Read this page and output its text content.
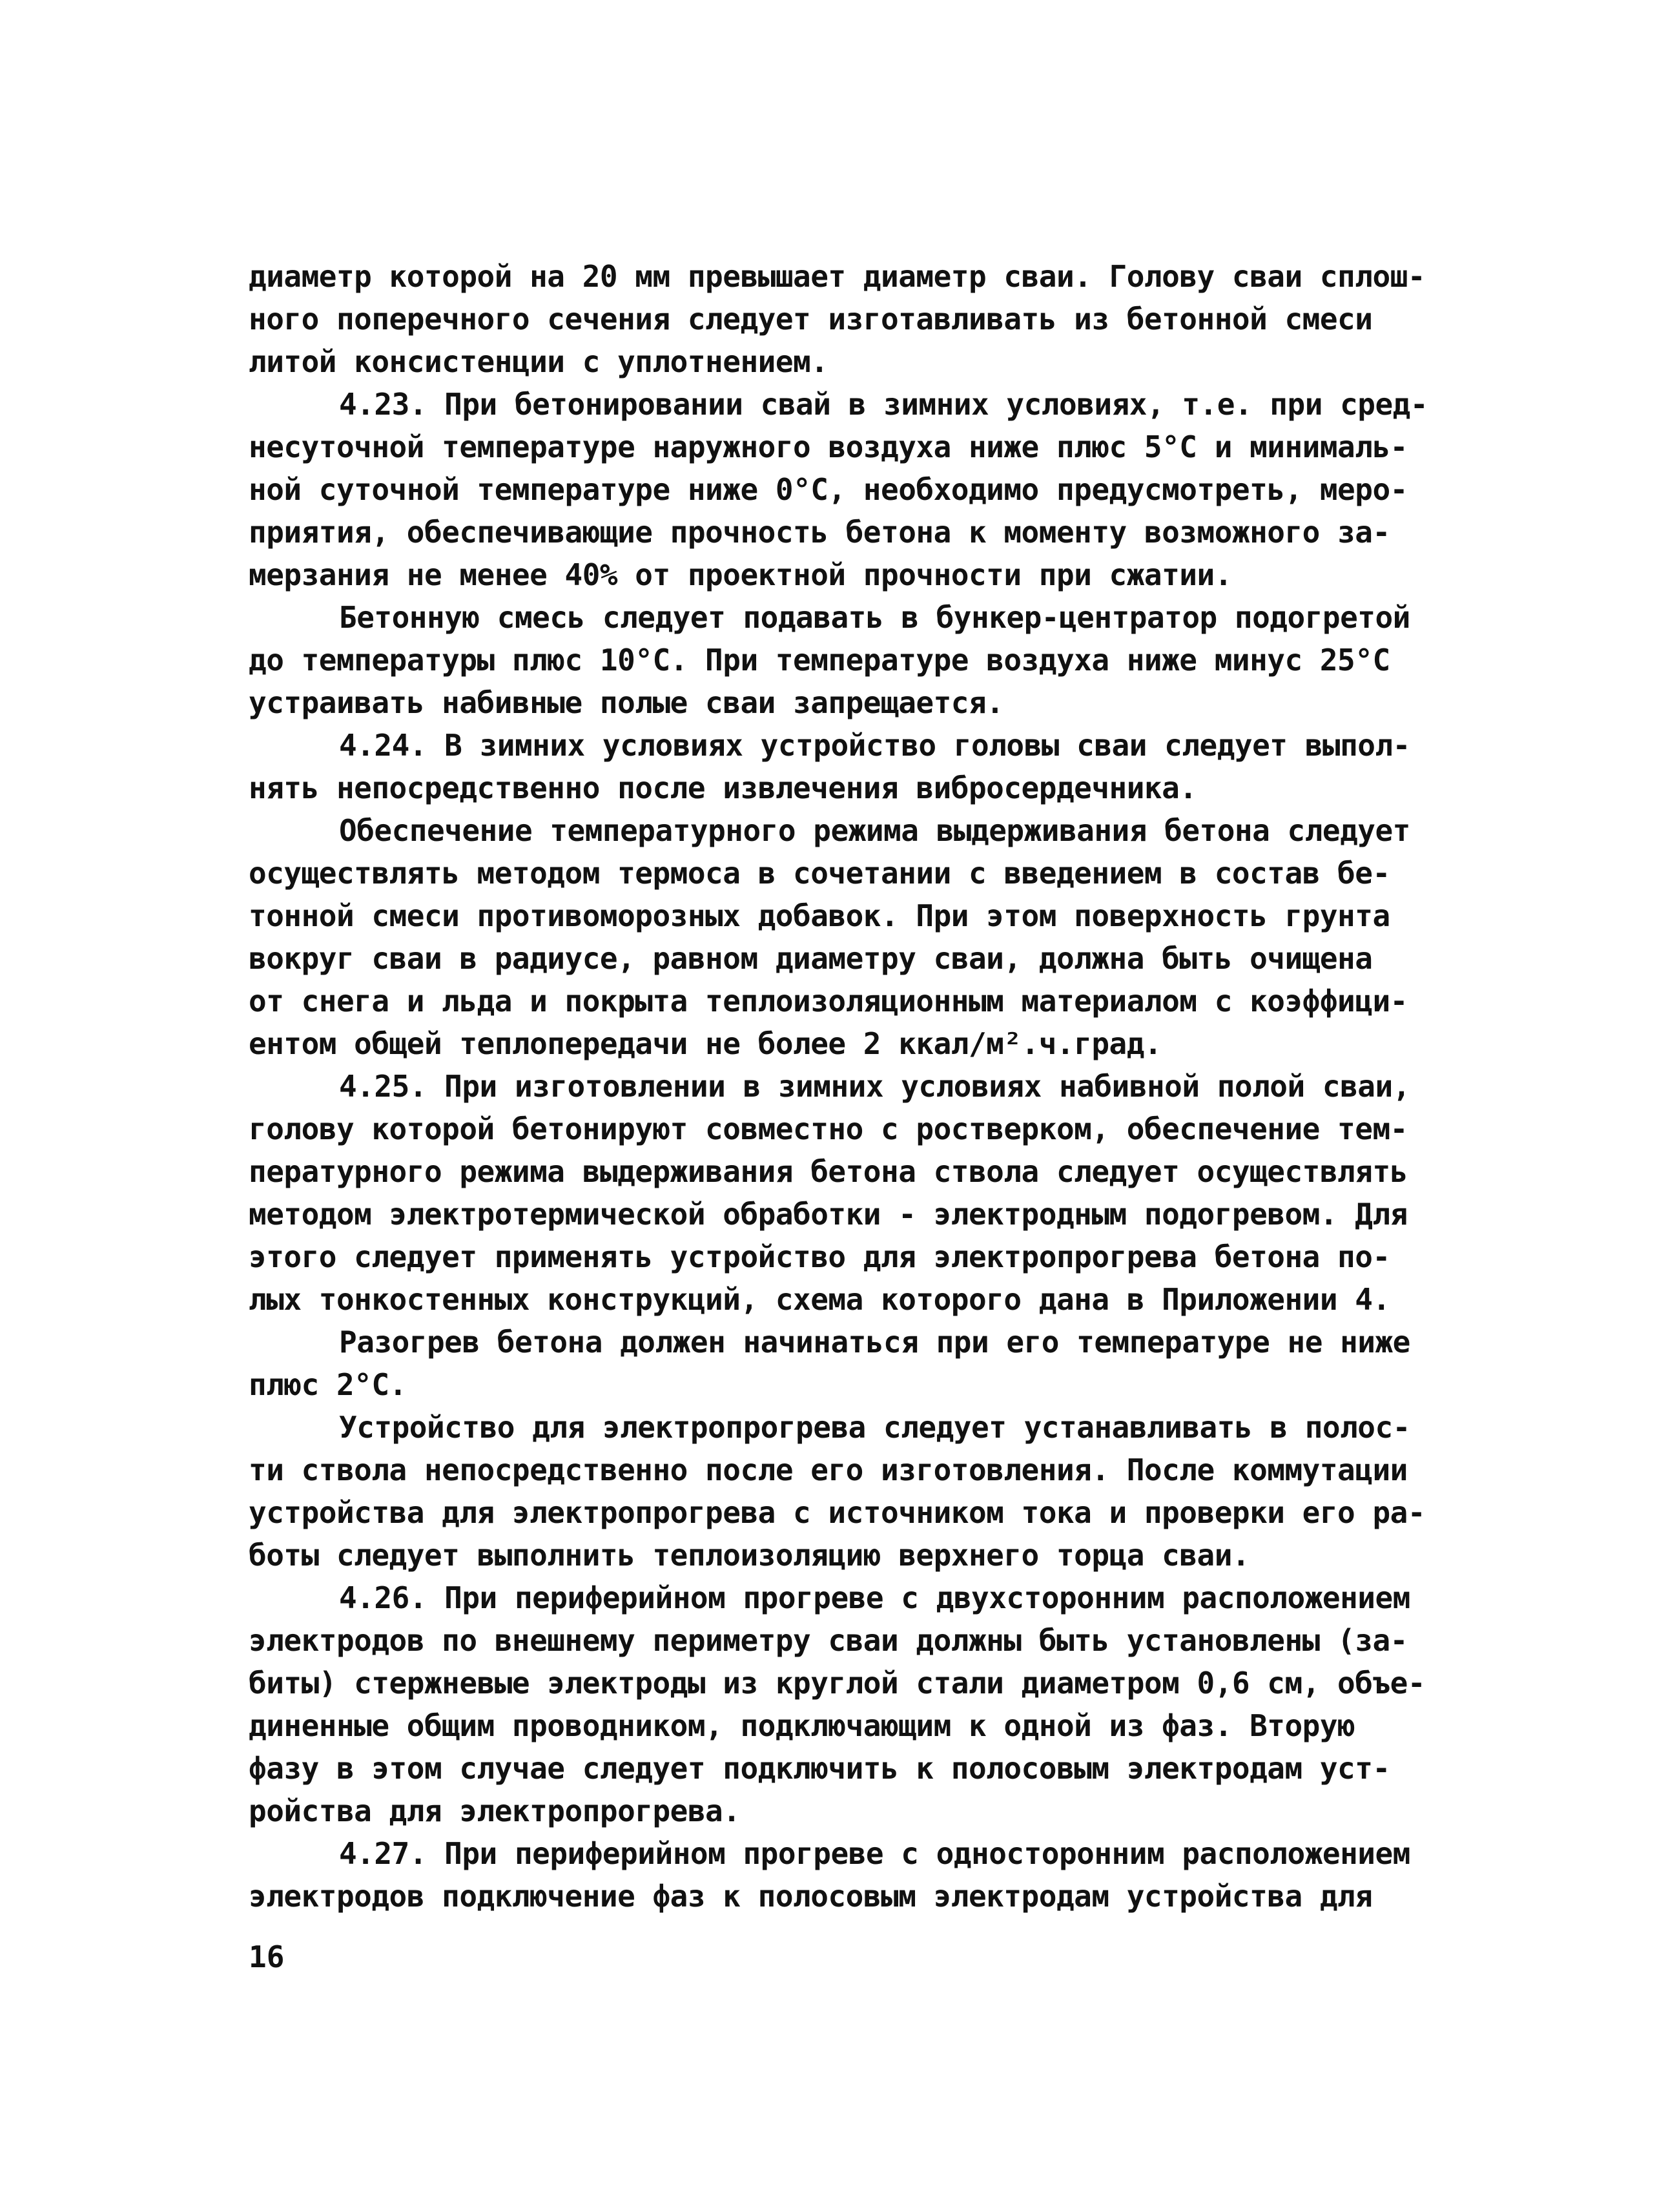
диаметр которой на 20 мм превышает диаметр сваи. Голову сваи сплош-
ного поперечного сечения следует изготавливать из бетонной смеси
литой консистенции с уплотнением.
4.23. При бетонировании свай в зимних условиях, т.е. при сред-
несуточной температуре наружного воздуха ниже плюс 5°С и минималь-
ной суточной температуре ниже 0°С, необходимо предусмотреть, меро-
приятия, обеспечивающие прочность бетона к моменту возможного за-
мерзания не менее 40% от проектной прочности при сжатии.
Бетонную смесь следует подавать в бункер-центратор подогретой
до температуры плюс 10°С. При температуре воздуха ниже минус 25°С
устраивать набивные полые сваи запрещается.
4.24. В зимних условиях устройство головы сваи следует выпол-
нять непосредственно после извлечения вибросердечника.
Обеспечение температурного режима выдерживания бетона следует
осуществлять методом термоса в сочетании с введением в состав бе-
тонной смеси противоморозных добавок. При этом поверхность грунта
вокруг сваи в радиусе, равном диаметру сваи, должна быть очищена
от снега и льда и покрыта теплоизоляционным материалом с коэффици-
ентом общей теплопередачи не более 2 ккал/м².ч.град.
4.25. При изготовлении в зимних условиях набивной полой сваи,
голову которой бетонируют совместно с ростверком, обеспечение тем-
пературного режима выдерживания бетона ствола следует осуществлять
методом электротермической обработки - электродным подогревом. Для
этого следует применять устройство для электропрогрева бетона по-
лых тонкостенных конструкций, схема которого дана в Приложении 4.
Разогрев бетона должен начинаться при его температуре не ниже
плюс 2°С.
Устройство для электропрогрева следует устанавливать в полос-
ти ствола непосредственно после его изготовления. После коммутации
устройства для электропрогрева с источником тока и проверки его ра-
боты следует выполнить теплоизоляцию верхнего торца сваи.
4.26. При периферийном прогреве с двухсторонним расположением
электродов по внешнему периметру сваи должны быть установлены (за-
биты) стержневые электроды из круглой стали диаметром 0,6 см, объе-
диненные общим проводником, подключающим к одной из фаз. Вторую
фазу в этом случае следует подключить к полосовым электродам уст-
ройства для электропрогрева.
4.27. При периферийном прогреве с односторонним расположением
электродов подключение фаз к полосовым электродам устройства для
16
